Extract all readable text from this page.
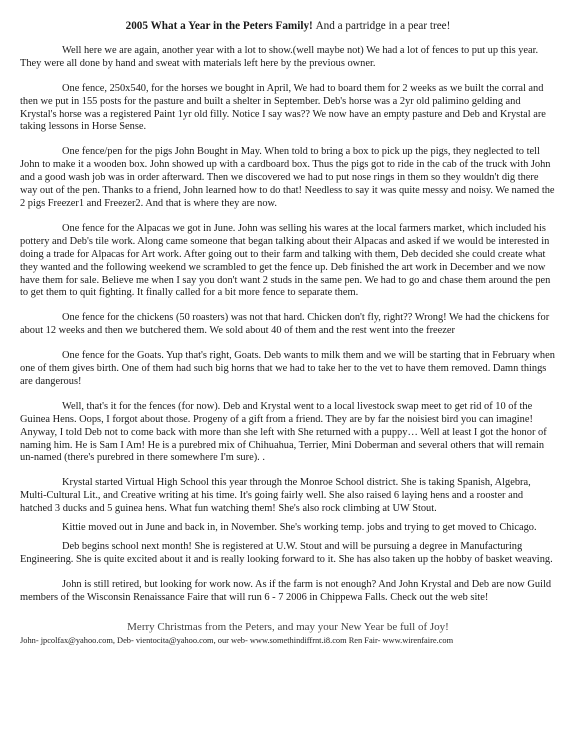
2005 What a Year in the Peters Family! And a partridge in a pear tree!

Well here we are again, another year with a lot to show.(well maybe not) We had a lot of fences to put up this year. They were all done by hand and sweat with materials left here by the previous owner.

One fence, 250x540, for the horses we bought in April, We had to board them for 2 weeks as we built the corral and then we put in 155 posts for the pasture and built a shelter in September. Deb's horse was a 2yr old palimino gelding and Krystal's horse was a registered Paint 1yr old filly. Notice I say was?? We now have an empty pasture and Deb and Krystal are taking lessons in Horse Sense.

One fence/pen for the pigs John Bought in May. When told to bring a box to pick up the pigs, they neglected to tell John to make it a wooden box. John showed up with a cardboard box. Thus the pigs got to ride in the cab of the truck with John and a good wash job was in order afterward. Then we discovered we had to put nose rings in them so they wouldn't dig there way out of the pen. Thanks to a friend, John learned how to do that! Needless to say it was quite messy and noisy. We named the 2 pigs Freezer1 and Freezer2. And that is where they are now.

One fence for the Alpacas we got in June. John was selling his wares at the local farmers market, which included his pottery and Deb's tile work. Along came someone that began talking about their Alpacas and asked if we would be interested in doing a trade for Alpacas for Art work. After going out to their farm and talking with them, Deb decided she could create what they wanted and the following weekend we scrambled to get the fence up. Deb finished the art work in December and we now have them for sale. Believe me when I say you don't want 2 studs in the same pen. We had to go and chase them around the pen to get them to quit fighting. It finally called for a bit more fence to separate them.

One fence for the chickens (50 roasters) was not that hard. Chicken don't fly, right?? Wrong! We had the chickens for about 12 weeks and then we butchered them. We sold about 40 of them and the rest went into the freezer

One fence for the Goats. Yup that's right, Goats. Deb wants to milk them and we will be starting that in February when one of them gives birth. One of them had such big horns that we had to take her to the vet to have them removed. Damn things are dangerous!

Well, that's it for the fences (for now). Deb and Krystal went to a local livestock swap meet to get rid of 10 of the Guinea Hens. Oops, I forgot about those. Progeny of a gift from a friend. They are by far the noisiest bird you can imagine! Anyway, I told Deb not to come back with more than she left with She returned with a puppy… Well at least I got the honor of naming him. He is Sam I Am! He is a purebred mix of Chihuahua, Terrier, Mini Doberman and several others that will remain un-named (there's purebred in there somewhere I'm sure). .

Krystal started Virtual High School this year through the Monroe School district. She is taking Spanish, Algebra, Multi-Cultural Lit., and Creative writing at his time. It's going fairly well. She also raised 6 laying hens and a rooster and hatched 3 ducks and 5 guinea hens. What fun watching them! She's also rock climbing at UW Stout.

Kittie moved out in June and back in, in November. She's working temp. jobs and trying to get moved to Chicago.

Deb begins school next month! She is registered at U.W. Stout and will be pursuing a degree in Manufacturing Engineering. She is quite excited about it and is really looking forward to it. She has also taken up the hobby of basket weaving.

John is still retired, but looking for work now. As if the farm is not enough? And John Krystal and Deb are now Guild members of the Wisconsin Renaissance Faire that will run 6 - 7 2006 in Chippewa Falls. Check out the web site!

Merry Christmas from the Peters, and may your New Year be full of Joy!
John- jpcolfax@yahoo.com, Deb- vientocita@yahoo.com, our web- www.somethindiffrnt.i8.com Ren Fair- www.wirenfaire.com
